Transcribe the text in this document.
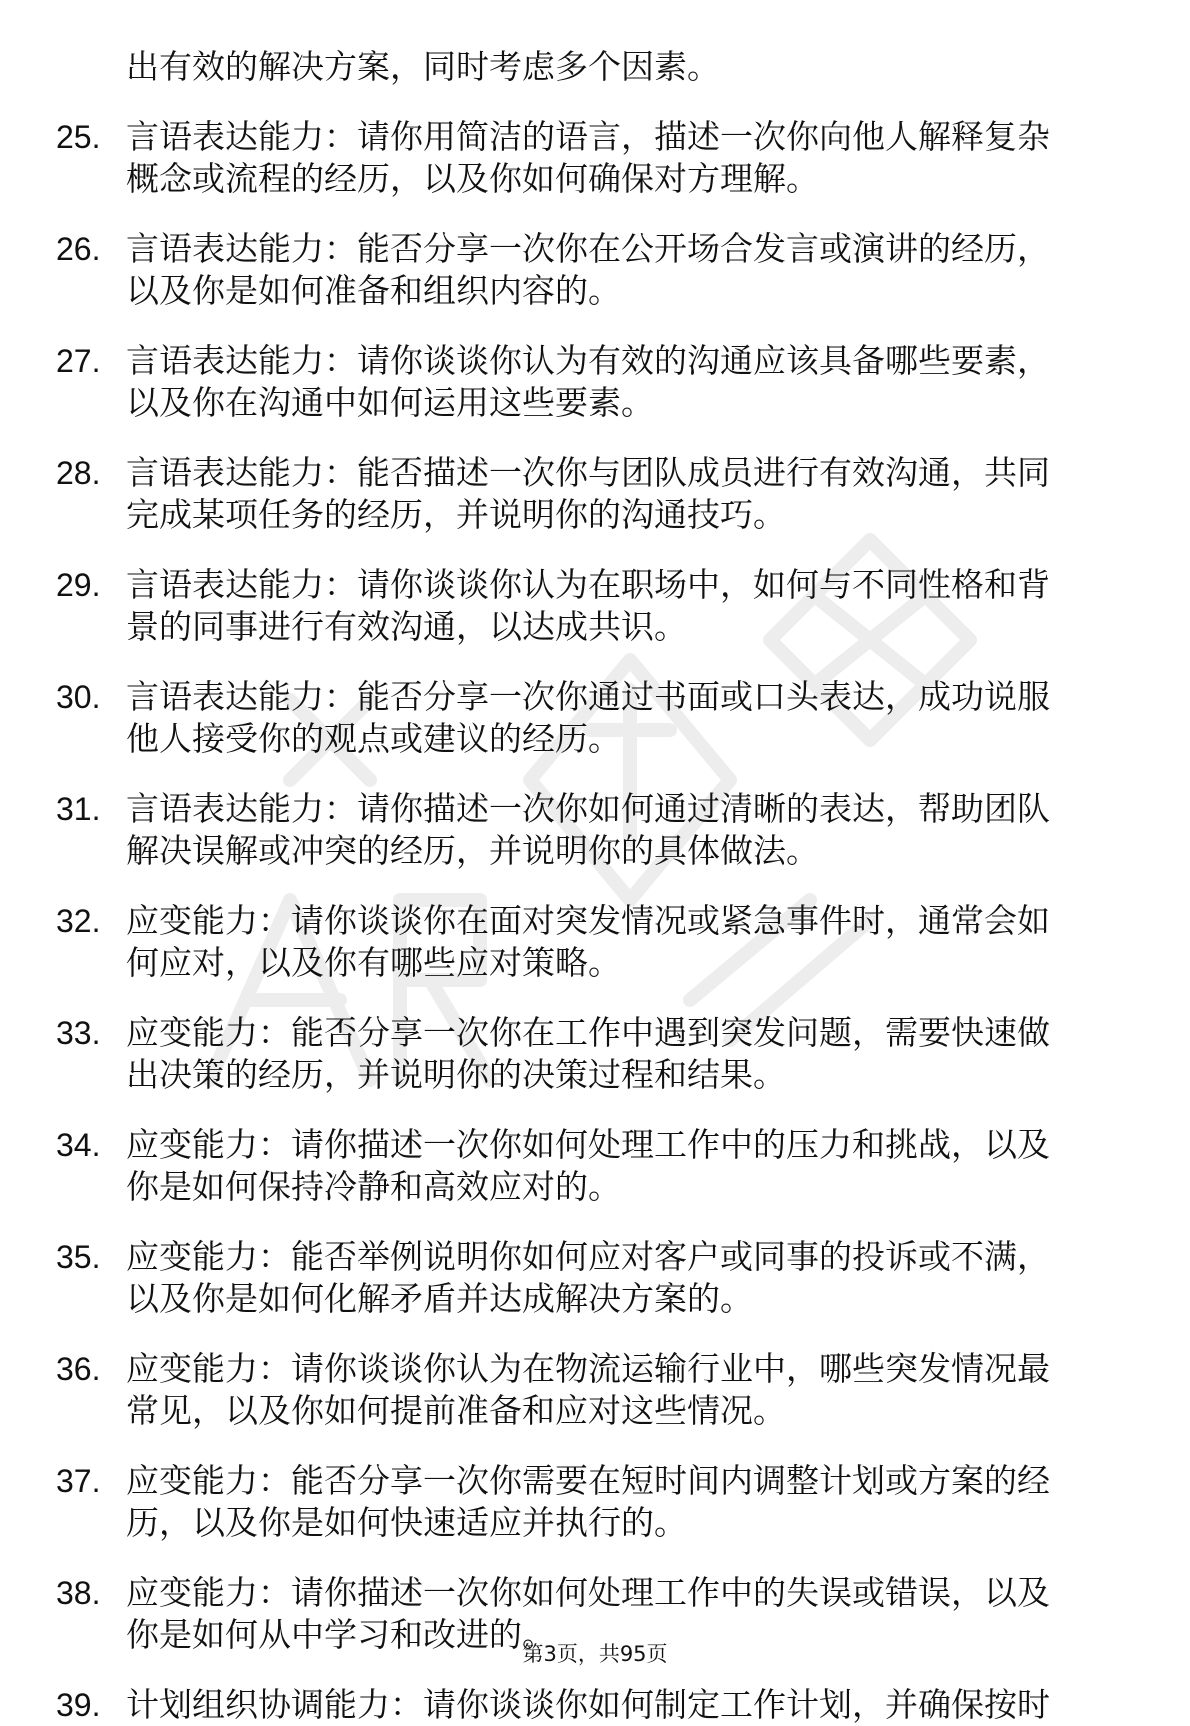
出有效的解决方案，同时考虑多个因素。
25. 言语表达能力：请你用简洁的语言，描述一次你向他人解释复杂
概念或流程的经历，以及你如何确保对方理解。
26. 言语表达能力：能否分享一次你在公开场合发言或演讲的经历，
以及你是如何准备和组织内容的。
27. 言语表达能力：请你谈谈你认为有效的沟通应该具备哪些要素，
以及你在沟通中如何运用这些要素。
28. 言语表达能力：能否描述一次你与团队成员进行有效沟通，共同
完成某项任务的经历，并说明你的沟通技巧。
29. 言语表达能力：请你谈谈你认为在职场中，如何与不同性格和背
景的同事进行有效沟通，以达成共识。
30. 言语表达能力：能否分享一次你通过书面或口头表达，成功说服
他人接受你的观点或建议的经历。
31. 言语表达能力：请你描述一次你如何通过清晰的表达，帮助团队
解决误解或冲突的经历，并说明你的具体做法。
32. 应变能力：请你谈谈你在面对突发情况或紧急事件时，通常会如
何应对，以及你有哪些应对策略。
33. 应变能力：能否分享一次你在工作中遇到突发问题，需要快速做
出决策的经历，并说明你的决策过程和结果。
34. 应变能力：请你描述一次你如何处理工作中的压力和挑战，以及
你是如何保持冷静和高效应对的。
35. 应变能力：能否举例说明你如何应对客户或同事的投诉或不满，
以及你是如何化解矛盾并达成解决方案的。
36. 应变能力：请你谈谈你认为在物流运输行业中，哪些突发情况最
常见，以及你如何提前准备和应对这些情况。
37. 应变能力：能否分享一次你需要在短时间内调整计划或方案的经
历，以及你是如何快速适应并执行的。
38. 应变能力：请你描述一次你如何处理工作中的失误或错误，以及
你是如何从中学习和改进的。
39. 计划组织协调能力：请你谈谈你如何制定工作计划，并确保按时
第3页，共95页
